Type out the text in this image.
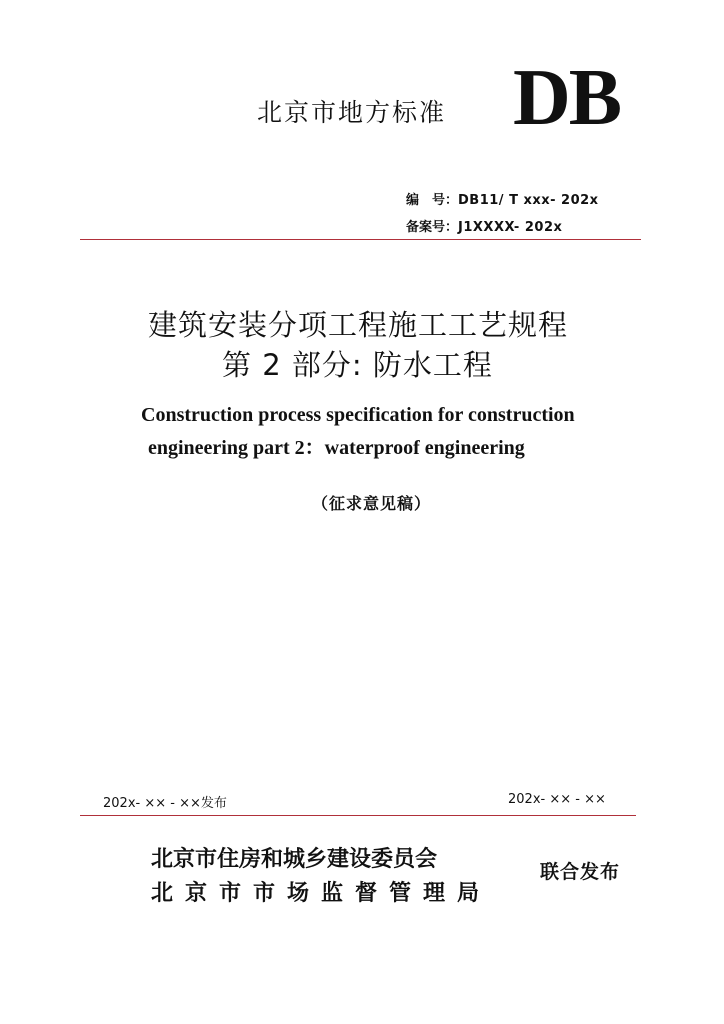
北京市地方标准 DB
编　号：DB11/ T xxx- 202x
备案号：J1XXXX- 202x
建筑安装分项工程施工工艺规程
第 2 部分: 防水工程
Construction process specification for construction
engineering part 2：waterproof engineering
（征求意见稿）
202x- ×× - ××发布	202x- ×× - ××
北京市住房和城乡建设委员会
北京市市场监督管理局
联合发布
